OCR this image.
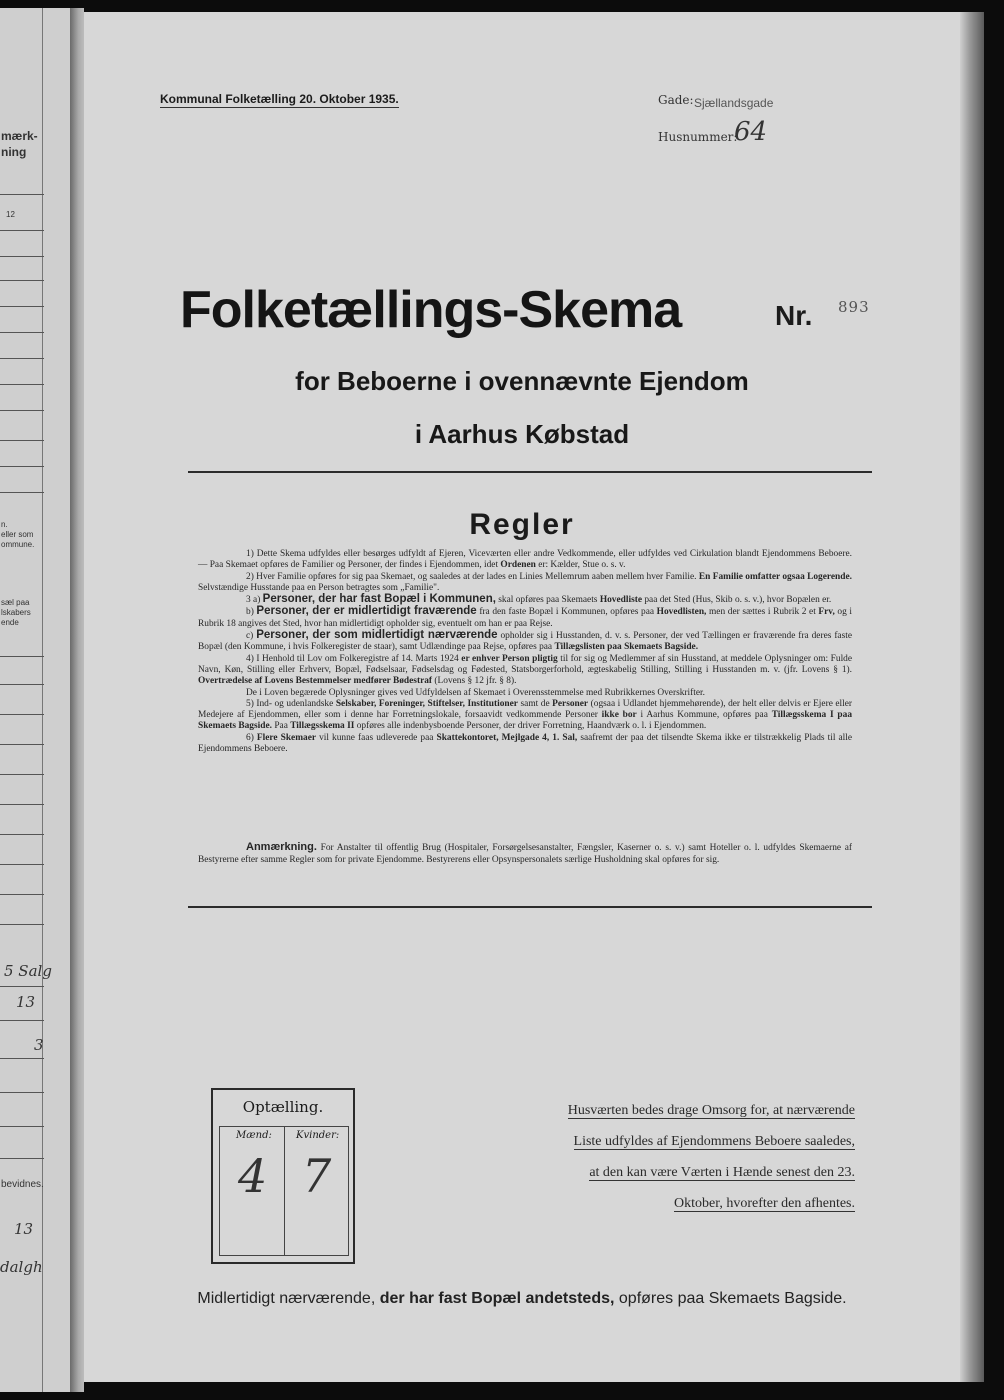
mærk-
ning
12
n.
eller som
ommune.
sæl paa
lskabers
ende
5 Salg
13
3
bevidnes.
13
dalgh
Kommunal Folketælling 20. Oktober 1935.	Gade: Sjællandsgade
Husnummer:
64
Folketællings-Skema	Nr. 893
for Beboerne i ovennævnte Ejendom
i Aarhus Købstad
Regler

1) Dette Skema udfyldes eller besørges udfyldt af Ejeren, Viceværten eller andre Vedkommende, eller udfyldes ved Cirkulation blandt Ejendommens Beboere. — Paa Skemaet opføres de Familier og Personer, der findes i Ejendommen, idet Ordenen er: Kælder, Stue o. s. v.

2) Hver Familie opføres for sig paa Skemaet, og saaledes at der lades en Linies Mellemrum aaben mellem hver Familie. En Familie omfatter ogsaa Logerende. Selvstændige Husstande paa en Person betragtes som „Familie".

3 a) Personer, der har fast Bopæl i Kommunen, skal opføres paa Skemaets Hovedliste paa det Sted (Hus, Skib o. s. v.), hvor Bopælen er.

b) Personer, der er midlertidigt fraværende fra den faste Bopæl i Kommunen, opføres paa Hovedlisten, men der sættes i Rubrik 2 et Frv, og i Rubrik 18 angives det Sted, hvor han midlertidigt opholder sig, eventuelt om han er paa Rejse.

c) Personer, der som midlertidigt nærværende opholder sig i Husstanden, d. v. s. Personer, der ved Tællingen er fraværende fra deres faste Bopæl (den Kommune, i hvis Folkeregister de staar), samt Udlændinge paa Rejse, opføres paa Tillægslisten paa Skemaets Bagside.

4) I Henhold til Lov om Folkeregistre af 14. Marts 1924 er enhver Person pligtig til for sig og Medlemmer af sin Husstand, at meddele Oplysninger om: Fulde Navn, Køn, Stilling eller Erhverv, Bopæl, Fødselsaar, Fødselsdag og Fødested, Statsborgerforhold, ægteskabelig Stilling, Stilling i Husstanden m. v. (jfr. Lovens § 1). Overtrædelse af Lovens Bestemmelser medfører Bødestraf (Lovens § 12 jfr. § 8).

De i Loven begærede Oplysninger gives ved Udfyldelsen af Skemaet i Overensstemmelse med Rubrikkernes Overskrifter.

5) Ind- og udenlandske Selskaber, Foreninger, Stiftelser, Institutioner samt de Personer (ogsaa i Udlandet hjemmehørende), der helt eller delvis er Ejere eller Medejere af Ejendommen, eller som i denne har Forretningslokale, forsaavidt vedkommende Personer ikke bor i Aarhus Kommune, opføres paa Tillægsskema I paa Skemaets Bagside. Paa Tillægsskema II opføres alle indenbysboende Personer, der driver Forretning, Haandværk o. l. i Ejendommen.

6) Flere Skemaer vil kunne faas udleverede paa Skattekontoret, Mejlgade 4, 1. Sal, saafremt der paa det tilsendte Skema ikke er tilstrækkelig Plads til alle Ejendommens Beboere.

Anmærkning. For Anstalter til offentlig Brug (Hospitaler, Forsørgelsesanstalter, Fængsler, Kaserner o. s. v.) samt Hoteller o. l. udfyldes Skemaerne af Bestyrerne efter samme Regler som for private Ejendomme. Bestyrerens eller Opsynspersonalets særlige Husholdning skal opføres for sig.

Optælling.
Mænd: Kvinder:
4 7
Husværten bedes drage Omsorg for, at nærværende
Liste udfyldes af Ejendommens Beboere saaledes,
at den kan være Værten i Hænde senest den 23.
Oktober, hvorefter den afhentes.
Midlertidigt nærværende, der har fast Bopæl andetsteds, opføres paa Skemaets Bagside.
